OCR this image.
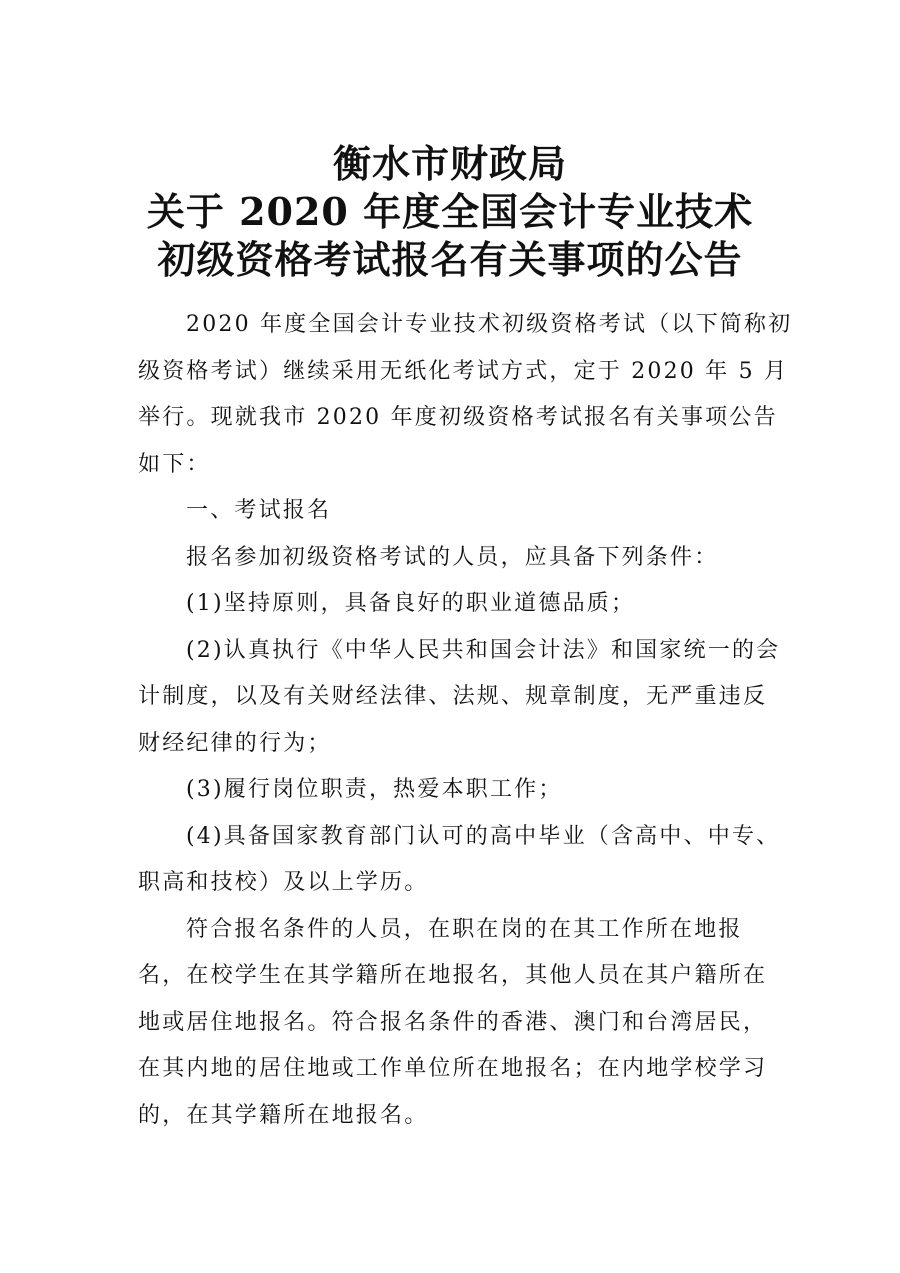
衡水市财政局
关于 2020 年度全国会计专业技术
初级资格考试报名有关事项的公告
2020 年度全国会计专业技术初级资格考试（以下简称初
级资格考试）继续采用无纸化考试方式，定于 2020 年 5 月
举行。现就我市 2020 年度初级资格考试报名有关事项公告
如下：
一、考试报名
报名参加初级资格考试的人员，应具备下列条件：
(1)坚持原则，具备良好的职业道德品质；
(2)认真执行《中华人民共和国会计法》和国家统一的会
计制度，以及有关财经法律、法规、规章制度，无严重违反
财经纪律的行为；
(3)履行岗位职责，热爱本职工作；
(4)具备国家教育部门认可的高中毕业（含高中、中专、
职高和技校）及以上学历。
符合报名条件的人员，在职在岗的在其工作所在地报
名，在校学生在其学籍所在地报名，其他人员在其户籍所在
地或居住地报名。符合报名条件的香港、澳门和台湾居民，
在其内地的居住地或工作单位所在地报名；在内地学校学习
的，在其学籍所在地报名。
